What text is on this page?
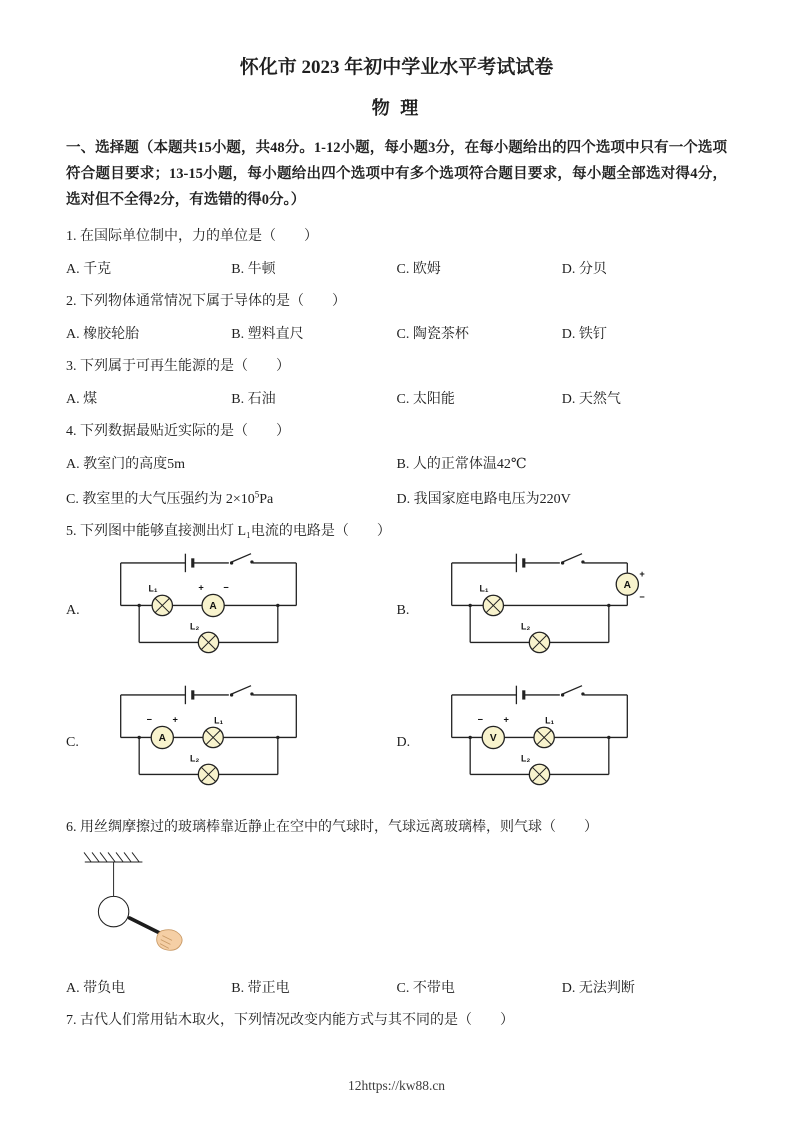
怀化市 2023 年初中学业水平考试试卷
物 理

一、选择题（本题共15小题，共48分。1-12小题，每小题3分，在每小题给出的四个选项中只有一个选项符合题目要求；13-15小题，每小题给出四个选项中有多个选项符合题目要求，每小题全部选对得4分，选对但不全得2分，有选错的得0分。）

1. 在国际单位制中，力的单位是（　　）

A. 千克	B. 牛顿	C. 欧姆	D. 分贝

2. 下列物体通常情况下属于导体的是（　　）

A. 橡胶轮胎	B. 塑料直尺	C. 陶瓷茶杯	D. 铁钉

3. 下列属于可再生能源的是（　　）

A. 煤	B. 石油	C. 太阳能	D. 天然气

4. 下列数据最贴近实际的是（　　）

A. 教室门的高度5m	B. 人的正常体温42℃
C. 教室里的大气压强约为 $2\times 10^5Pa$	D. 我国家庭电路电压为220V

5. 下列图中能够直接测出灯 L₁电流的电路是（　　）

A.	A
L₁	+ −
L₂
B.
A
L₁
+
−
L₂
C.	A
− +	L₁
L₂
D.	V
− +	L₁
L₂

6. 用丝绸摩擦过的玻璃棒靠近静止在空中的气球时，气球远离玻璃棒，则气球（　　）

A. 带负电	B. 带正电	C. 不带电	D. 无法判断

7. 古代人们常用钻木取火，下列情况改变内能方式与其不同的是（　　）

12https://kw88.cn
